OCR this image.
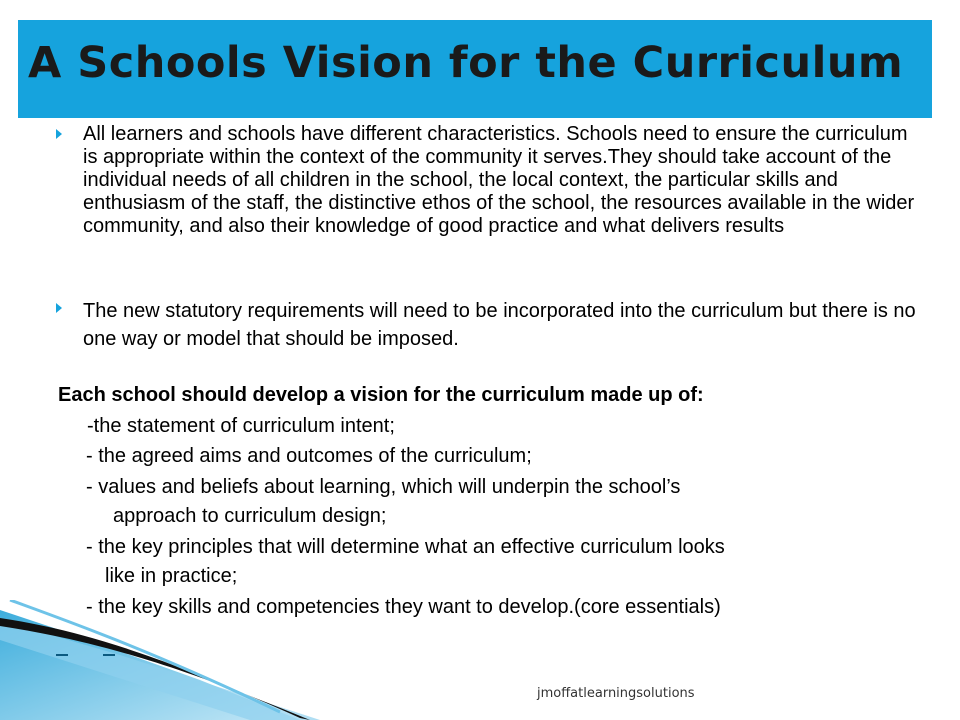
A Schools Vision for the Curriculum
All learners and schools have different characteristics. Schools need to ensure the curriculum is appropriate within the context of the community it serves.They should take account of the individual needs of all children in the school, the local context, the particular skills and enthusiasm of the staff, the distinctive ethos of the school, the resources available in the wider community, and also their knowledge of good practice and what delivers results
The new statutory requirements will need to be incorporated into the curriculum but there is no one way or model that should be imposed.
Each school should develop a vision for the curriculum made up of:
-the statement of curriculum intent;
- the agreed aims and outcomes of the curriculum;
- values and beliefs about learning, which will underpin the school’s
approach to curriculum design;
- the key principles that will determine what an effective curriculum looks
like in practice;
- the key skills and competencies they want to develop.(core essentials)
jmoffatlearningsolutions
